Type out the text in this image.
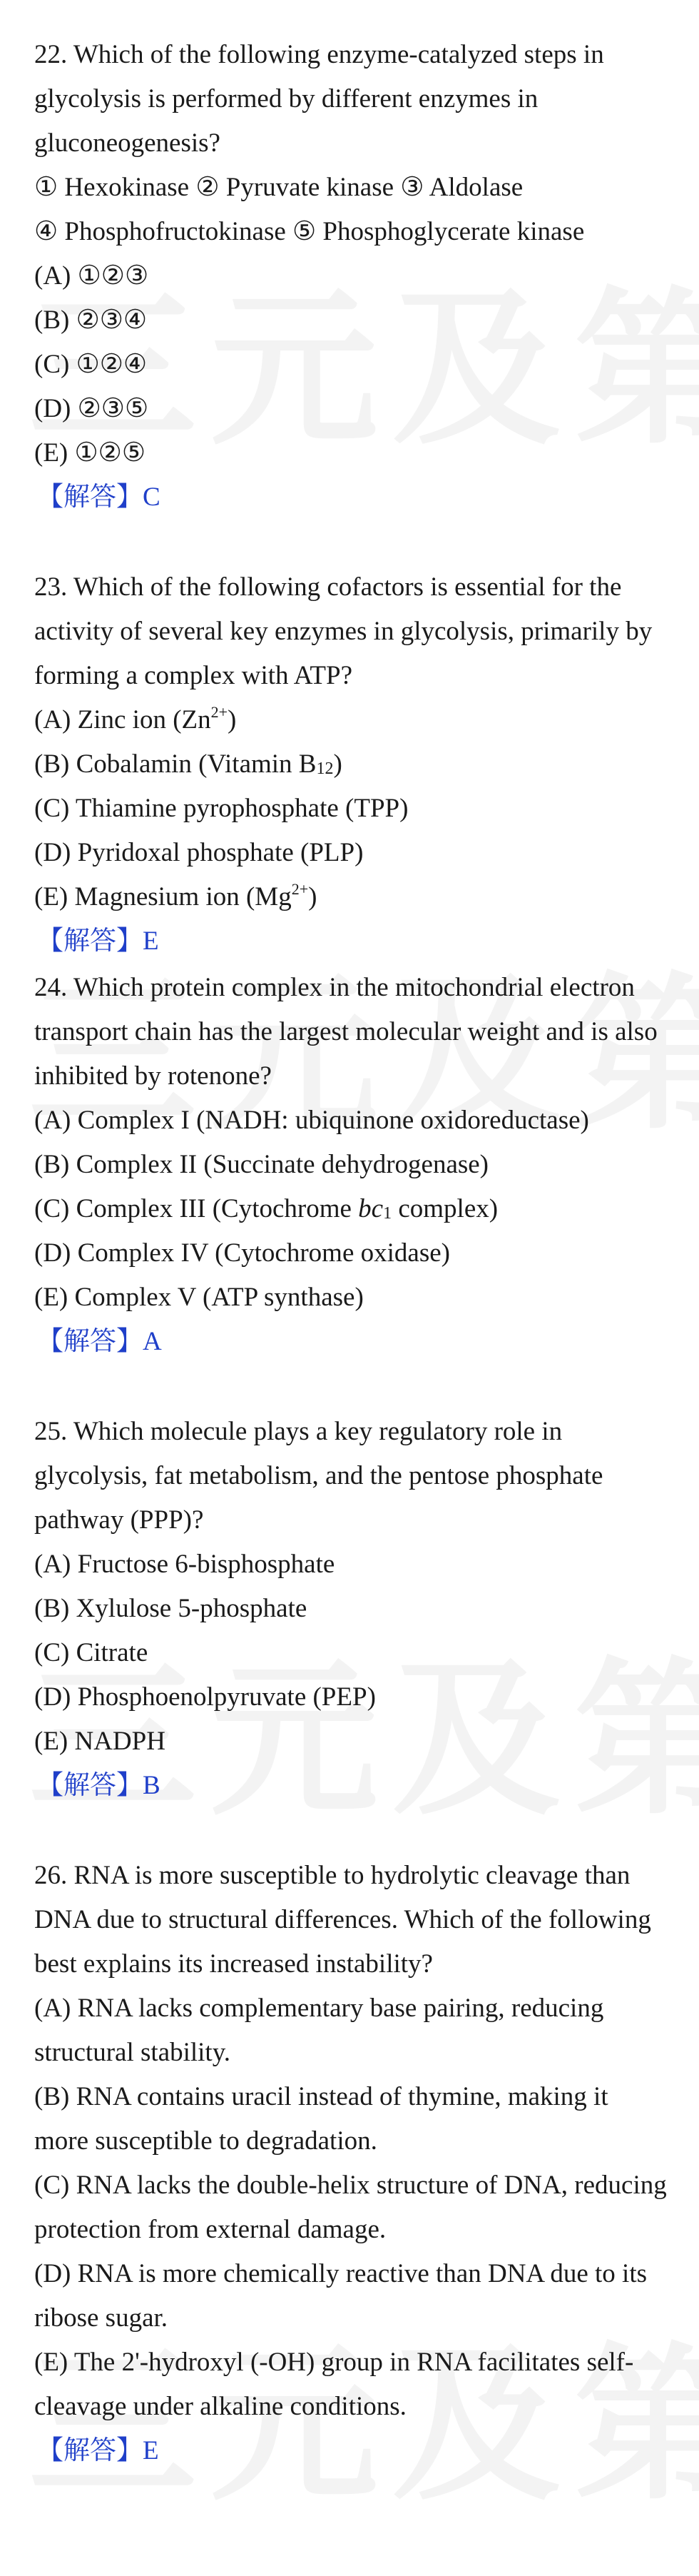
22. Which of the following enzyme-catalyzed steps in glycolysis is performed by different enzymes in gluconeogenesis?
① Hexokinase ② Pyruvate kinase ③ Aldolase
④ Phosphofructokinase ⑤ Phosphoglycerate kinase
(A) ①②③
(B) ②③④
(C) ①②④
(D) ②③⑤
(E) ①②⑤
【解答】C
23. Which of the following cofactors is essential for the activity of several key enzymes in glycolysis, primarily by forming a complex with ATP?
(A) Zinc ion $(Zn^{2+})$
(B) Cobalamin (Vitamin $B_{12}$)
(C) Thiamine pyrophosphate (TPP)
(D) Pyridoxal phosphate (PLP)
(E) Magnesium ion $(Mg^{2+})$
【解答】E
24. Which protein complex in the mitochondrial electron transport chain has the largest molecular weight and is also inhibited by rotenone?
(A) Complex I (NADH: ubiquinone oxidoreductase)
(B) Complex II (Succinate dehydrogenase)
(C) Complex III (Cytochrome $bc_1$ complex)
(D) Complex IV (Cytochrome oxidase)
(E) Complex V (ATP synthase)
【解答】A
25. Which molecule plays a key regulatory role in glycolysis, fat metabolism, and the pentose phosphate pathway (PPP)?
(A) Fructose 6-bisphosphate
(B) Xylulose 5-phosphate
(C) Citrate
(D) Phosphoenolpyruvate (PEP)
(E) NADPH
【解答】B
26. RNA is more susceptible to hydrolytic cleavage than DNA due to structural differences. Which of the following best explains its increased instability?
(A) RNA lacks complementary base pairing, reducing structural stability.
(B) RNA contains uracil instead of thymine, making it more susceptible to degradation.
(C) RNA lacks the double-helix structure of DNA, reducing protection from external damage.
(D) RNA is more chemically reactive than DNA due to its ribose sugar.
(E) The 2'-hydroxyl (-OH) group in RNA facilitates self-cleavage under alkaline conditions.
【解答】E
